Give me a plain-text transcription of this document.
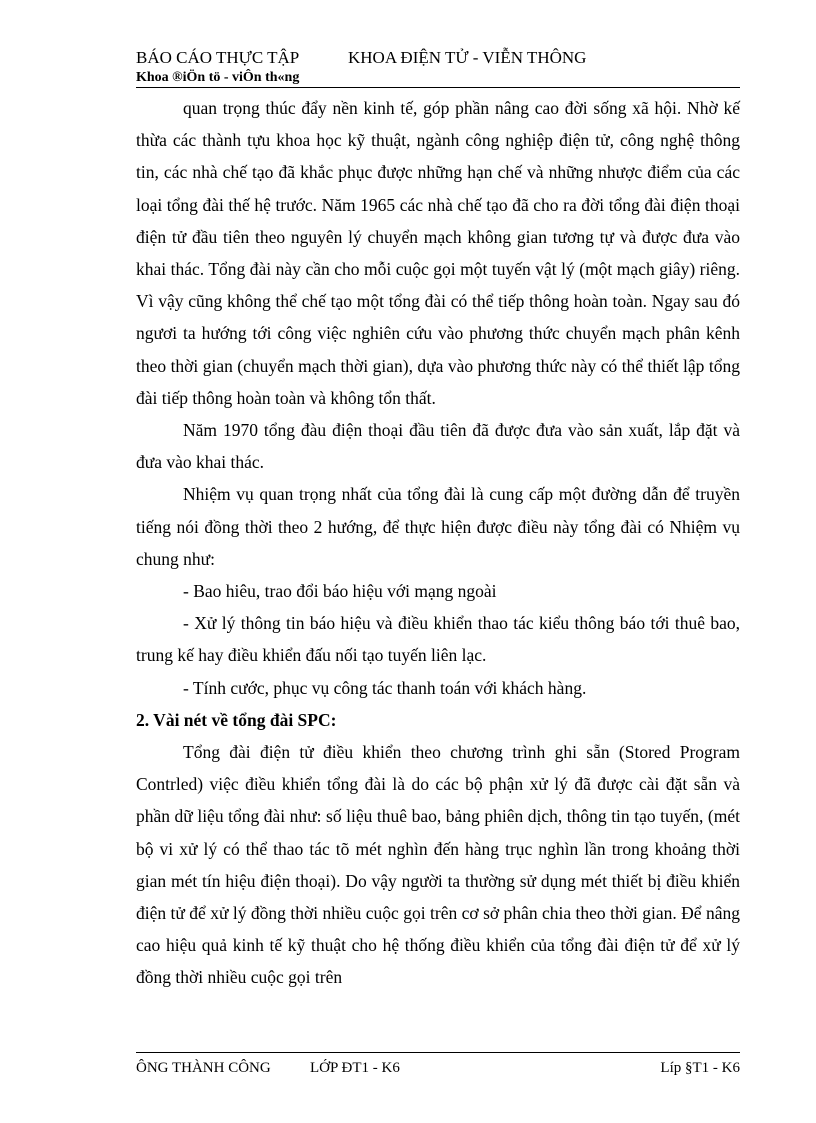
BÁO CÁO THỰC TẬP	KHOA ĐIỆN TỬ - VIỄN THÔNG
Khoa ®iÖn tö - viÔn th«ng

quan trọng thúc đẩy nền kinh tế, góp phần nâng cao đời sống xã hội. Nhờ kế thừa các thành tựu khoa học kỹ thuật, ngành công nghiệp điện tử, công nghệ thông tin, các nhà chế tạo đã khắc phục được những hạn chế và những nhược điểm của các loại tổng đài thế hệ trước. Năm 1965 các nhà chế tạo đã cho ra đời tổng đài điện thoại điện tử đầu tiên theo nguyên lý chuyển mạch không gian tương tự và được đưa vào khai thác. Tổng đài này cần cho mỗi cuộc gọi một tuyến vật lý (một mạch giây) riêng. Vì vậy cũng không thể chế tạo một tổng đài có thể tiếp thông hoàn toàn. Ngay sau đó ngươi ta hướng tới công việc nghiên cứu vào phương thức chuyển mạch phân kênh theo thời gian (chuyển mạch thời gian), dựa vào phương thức này có thể thiết lập tổng đài tiếp thông hoàn toàn và không tổn thất.

Năm 1970 tổng đàu điện thoại đầu tiên đã được đưa vào sản xuất, lắp đặt và đưa vào khai thác.

Nhiệm vụ quan trọng nhất của tổng đài là cung cấp một đường dẫn để truyền tiếng nói đồng thời theo 2 hướng, để thực hiện được điều này tổng đài có Nhiệm vụ chung như:

- Bao hiêu, trao đổi báo hiệu với mạng ngoài

- Xử lý thông tin báo hiệu và điều khiển thao tác kiểu thông báo tới thuê bao, trung kế hay điều khiển đấu nối tạo tuyến liên lạc.

- Tính cước, phục vụ công tác thanh toán với khách hàng.

2. Vài nét về tổng đài SPC:

Tổng đài điện tử điều khiển theo chương trình ghi sẵn (Stored Program Contrled) việc điều khiển tổng đài là do các bộ phận xử lý đã được cài đặt sẵn và phần dữ liệu tổng đài như: số liệu thuê bao, bảng phiên dịch, thông tin tạo tuyến, (mét bộ vi xử lý có thể thao tác tõ mét nghìn đến hàng trục nghìn lần trong khoảng thời gian mét tín hiệu điện thoại). Do vậy người ta thường sử dụng mét thiết bị điều khiển điện tử để xử lý đồng thời nhiều cuộc gọi trên cơ sở phân chia theo thời gian. Để nâng cao hiệu quả kinh tế kỹ thuật cho hệ thống điều khiển của tổng đài điện tử để xử lý đồng thời nhiều cuộc gọi trên

ÔNG THÀNH CÔNG	LỚP ĐT1 - K6	Líp §T1 - K6
